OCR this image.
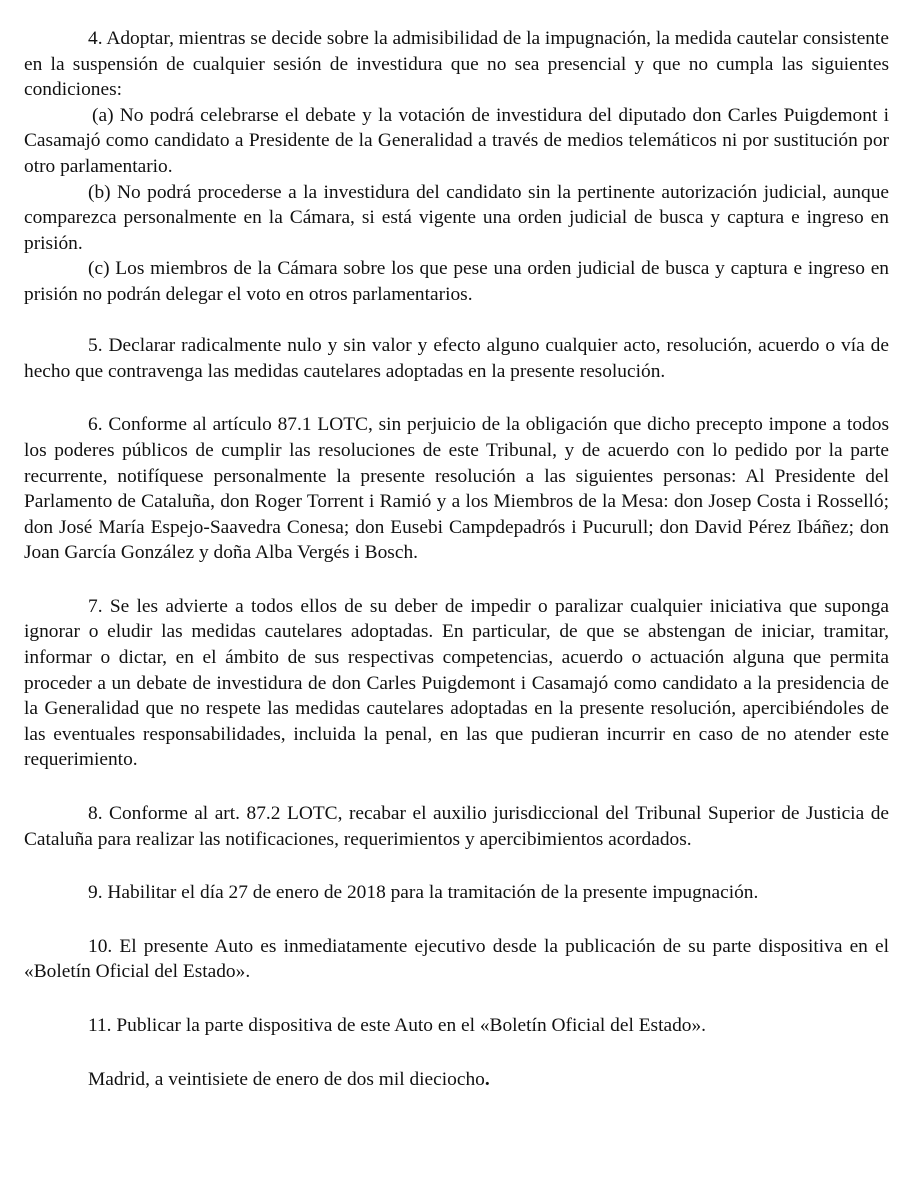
4. Adoptar, mientras se decide sobre la admisibilidad de la impugnación, la medida cautelar consistente en la suspensión de cualquier sesión de investidura que no sea presencial y que no cumpla las siguientes condiciones:

(a) No podrá celebrarse el debate y la votación de investidura del diputado don Carles Puigdemont i Casamajó como candidato a Presidente de la Generalidad a través de medios telemáticos ni por sustitución por otro parlamentario.

(b) No podrá procederse a la investidura del candidato sin la pertinente autorización judicial, aunque comparezca personalmente en la Cámara, si está vigente una orden judicial de busca y captura e ingreso en prisión.

(c) Los miembros de la Cámara sobre los que pese una orden judicial de busca y captura e ingreso en prisión no podrán delegar el voto en otros parlamentarios.

5. Declarar radicalmente nulo y sin valor y efecto alguno cualquier acto, resolución, acuerdo o vía de hecho que contravenga las medidas cautelares adoptadas en la presente resolución.

6. Conforme al artículo 87.1 LOTC, sin perjuicio de la obligación que dicho precepto impone a todos los poderes públicos de cumplir las resoluciones de este Tribunal, y de acuerdo con lo pedido por la parte recurrente, notifíquese personalmente la presente resolución a las siguientes personas: Al Presidente del Parlamento de Cataluña, don Roger Torrent i Ramió y a los Miembros de la Mesa: don Josep Costa i Rosselló; don José María Espejo-Saavedra Conesa; don Eusebi Campdepadrós i Pucurull; don David Pérez Ibáñez; don Joan García González y doña Alba Vergés i Bosch.

7. Se les advierte a todos ellos de su deber de impedir o paralizar cualquier iniciativa que suponga ignorar o eludir las medidas cautelares adoptadas. En particular, de que se abstengan de iniciar, tramitar, informar o dictar, en el ámbito de sus respectivas competencias, acuerdo o actuación alguna que permita proceder a un debate de investidura de don Carles Puigdemont i Casamajó como candidato a la presidencia de la Generalidad que no respete las medidas cautelares adoptadas en la presente resolución, apercibiéndoles de las eventuales responsabilidades, incluida la penal, en las que pudieran incurrir en caso de no atender este requerimiento.

8. Conforme al art. 87.2 LOTC, recabar el auxilio jurisdiccional del Tribunal Superior de Justicia de Cataluña para realizar las notificaciones, requerimientos y apercibimientos acordados.

9. Habilitar el día 27 de enero de 2018 para la tramitación de la presente impugnación.

10. El presente Auto es inmediatamente ejecutivo desde la publicación de su parte dispositiva en el «Boletín Oficial del Estado».

11. Publicar la parte dispositiva de este Auto en el «Boletín Oficial del Estado».

Madrid, a veintisiete de enero de dos mil dieciocho.
